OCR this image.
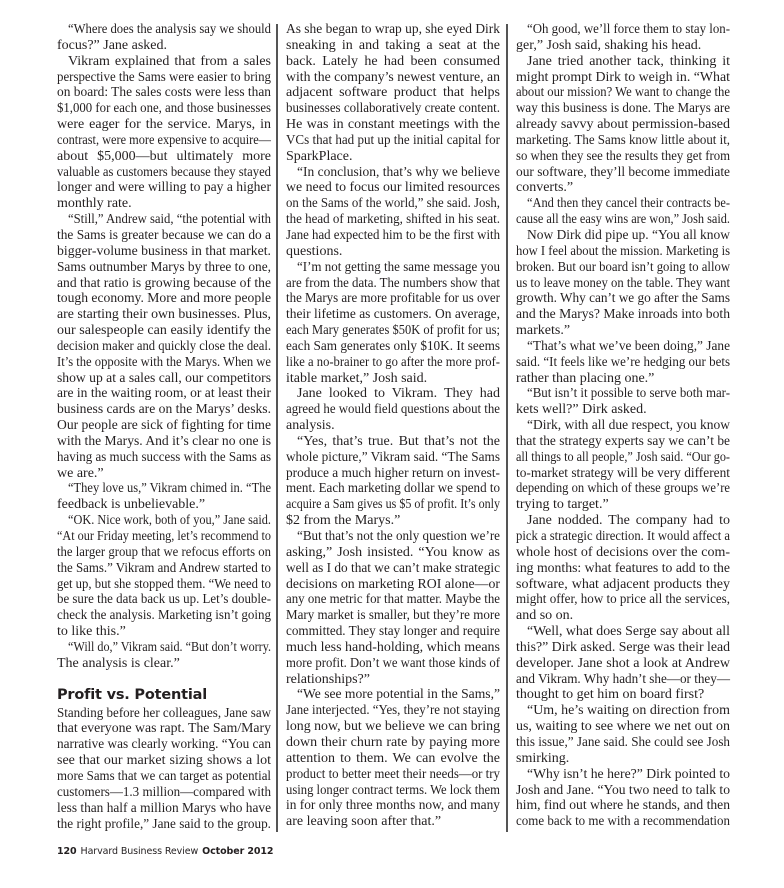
“Where does the analysis say we should
focus?” Jane asked.
Vikram explained that from a sales
perspective the Sams were easier to bring
on board: The sales costs were less than
$1,000 for each one, and those businesses
were eager for the service. Marys, in
contrast, were more expensive to acquire—
about $5,000—but ultimately more
valuable as customers because they stayed
longer and were willing to pay a higher
monthly rate.
“Still,” Andrew said, “the potential with
the Sams is greater because we can do a
bigger-volume business in that market.
Sams outnumber Marys by three to one,
and that ratio is growing because of the
tough economy. More and more people
are starting their own businesses. Plus,
our salespeople can easily identify the
decision maker and quickly close the deal.
It’s the opposite with the Marys. When we
show up at a sales call, our competitors
are in the waiting room, or at least their
business cards are on the Marys’ desks.
Our people are sick of fighting for time
with the Marys. And it’s clear no one is
having as much success with the Sams as
we are.”
“They love us,” Vikram chimed in. “The
feedback is unbelievable.”
“OK. Nice work, both of you,” Jane said.
“At our Friday meeting, let’s recommend to
the larger group that we refocus efforts on
the Sams.” Vikram and Andrew started to
get up, but she stopped them. “We need to
be sure the data back us up. Let’s double-
check the analysis. Marketing isn’t going
to like this.”
“Will do,” Vikram said. “But don’t worry.
The analysis is clear.”
Profit vs. Potential
Standing before her colleagues, Jane saw
that everyone was rapt. The Sam/Mary
narrative was clearly working. “You can
see that our market sizing shows a lot
more Sams that we can target as potential
customers—1.3 million—compared with
less than half a million Marys who have
the right profile,” Jane said to the group.
As she began to wrap up, she eyed Dirk
sneaking in and taking a seat at the
back. Lately he had been consumed
with the company’s newest venture, an
adjacent software product that helps
businesses collaboratively create content.
He was in constant meetings with the
VCs that had put up the initial capital for
SparkPlace.
“In conclusion, that’s why we believe
we need to focus our limited resources
on the Sams of the world,” she said. Josh,
the head of marketing, shifted in his seat.
Jane had expected him to be the first with
questions.
“I’m not getting the same message you
are from the data. The numbers show that
the Marys are more profitable for us over
their lifetime as customers. On average,
each Mary generates $50K of profit for us;
each Sam generates only $10K. It seems
like a no-brainer to go after the more prof-
itable market,” Josh said.
Jane looked to Vikram. They had
agreed he would field questions about the
analysis.
“Yes, that’s true. But that’s not the
whole picture,” Vikram said. “The Sams
produce a much higher return on invest-
ment. Each marketing dollar we spend to
acquire a Sam gives us $5 of profit. It’s only
$2 from the Marys.”
“But that’s not the only question we’re
asking,” Josh insisted. “You know as
well as I do that we can’t make strategic
decisions on marketing ROI alone—or
any one metric for that matter. Maybe the
Mary market is smaller, but they’re more
committed. They stay longer and require
much less hand-holding, which means
more profit. Don’t we want those kinds of
relationships?”
“We see more potential in the Sams,”
Jane interjected. “Yes, they’re not staying
long now, but we believe we can bring
down their churn rate by paying more
attention to them. We can evolve the
product to better meet their needs—or try
using longer contract terms. We lock them
in for only three months now, and many
are leaving soon after that.”
“Oh good, we’ll force them to stay lon-
ger,” Josh said, shaking his head.
Jane tried another tack, thinking it
might prompt Dirk to weigh in. “What
about our mission? We want to change the
way this business is done. The Marys are
already savvy about permission-based
marketing. The Sams know little about it,
so when they see the results they get from
our software, they’ll become immediate
converts.”
“And then they cancel their contracts be-
cause all the easy wins are won,” Josh said.
Now Dirk did pipe up. “You all know
how I feel about the mission. Marketing is
broken. But our board isn’t going to allow
us to leave money on the table. They want
growth. Why can’t we go after the Sams
and the Marys? Make inroads into both
markets.”
“That’s what we’ve been doing,” Jane
said. “It feels like we’re hedging our bets
rather than placing one.”
“But isn’t it possible to serve both mar-
kets well?” Dirk asked.
“Dirk, with all due respect, you know
that the strategy experts say we can’t be
all things to all people,” Josh said. “Our go-
to-market strategy will be very different
depending on which of these groups we’re
trying to target.”
Jane nodded. The company had to
pick a strategic direction. It would affect a
whole host of decisions over the com-
ing months: what features to add to the
software, what adjacent products they
might offer, how to price all the services,
and so on.
“Well, what does Serge say about all
this?” Dirk asked. Serge was their lead
developer. Jane shot a look at Andrew
and Vikram. Why hadn’t she—or they—
thought to get him on board first?
“Um, he’s waiting on direction from
us, waiting to see where we net out on
this issue,” Jane said. She could see Josh
smirking.
“Why isn’t he here?” Dirk pointed to
Josh and Jane. “You two need to talk to
him, find out where he stands, and then
come back to me with a recommendation
120 Harvard Business Review October 2012
